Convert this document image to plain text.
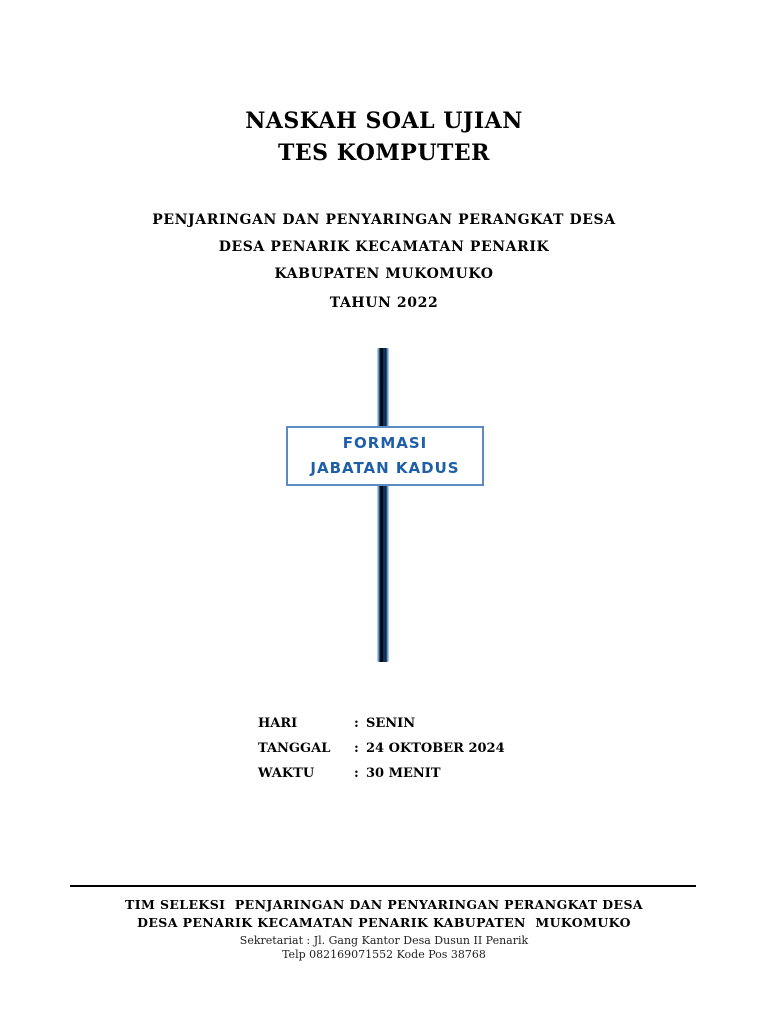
NASKAH SOAL UJIAN
TES KOMPUTER

PENJARINGAN DAN PENYARINGAN PERANGKAT DESA

DESA PENARIK KECAMATAN PENARIK

KABUPATEN MUKOMUKO

TAHUN 2022

FORMASI
JABATAN KADUS
HARI	: SENIN
TANGGAL : 24 OKTOBER 2024
WAKTU	: 30 MENIT
TIM SELEKSI  PENJARINGAN DAN PENYARINGAN PERANGKAT DESA
DESA PENARIK KECAMATAN PENARIK KABUPATEN  MUKOMUKO
Sekretariat : Jl. Gang Kantor Desa Dusun II Penarik
Telp 082169071552 Kode Pos 38768
